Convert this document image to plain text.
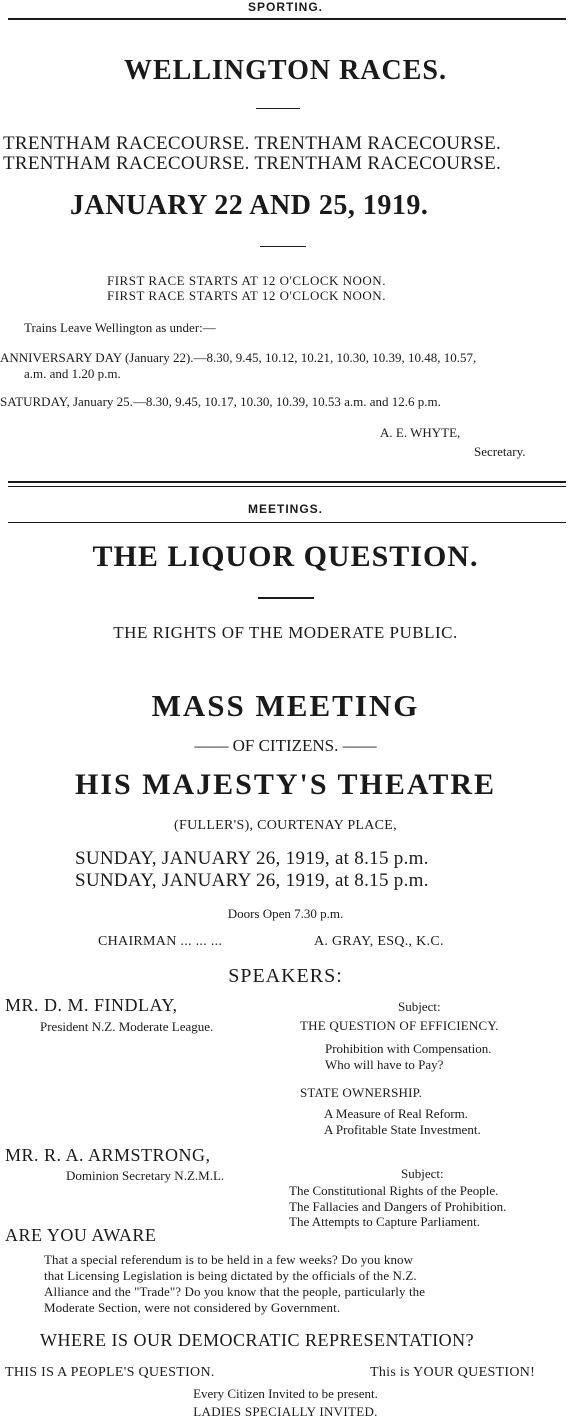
SPORTING.
WELLINGTON RACES.
TRENTHAM RACECOURSE. TRENTHAM RACECOURSE.
TRENTHAM RACECOURSE. TRENTHAM RACECOURSE.
JANUARY 22 AND 25, 1919.
FIRST RACE STARTS AT 12 O'CLOCK NOON.
FIRST RACE STARTS AT 12 O'CLOCK NOON.
Trains Leave Wellington as under:—
ANNIVERSARY DAY (January 22).—8.30, 9.45, 10.12, 10.21, 10.30, 10.39, 10.48, 10.57,
a.m. and 1.20 p.m.
SATURDAY, January 25.—8.30, 9.45, 10.17, 10.30, 10.39, 10.53 a.m. and 12.6 p.m.
A. E. WHYTE,
Secretary.
MEETINGS.
THE LIQUOR QUESTION.
THE RIGHTS OF THE MODERATE PUBLIC.
MASS MEETING
—— OF CITIZENS. ——
HIS MAJESTY'S THEATRE
(FULLER'S), COURTENAY PLACE,
SUNDAY, JANUARY 26, 1919, at 8.15 p.m.
SUNDAY, JANUARY 26, 1919, at 8.15 p.m.
Doors Open 7.30 p.m.
CHAIRMAN ... ... ...	A. GRAY, ESQ., K.C.
SPEAKERS:
MR. D. M. FINDLAY,
President N.Z. Moderate League.
Subject:
THE QUESTION OF EFFICIENCY.
Prohibition with Compensation.
Who will have to Pay?
STATE OWNERSHIP.
A Measure of Real Reform.
A Profitable State Investment.
MR. R. A. ARMSTRONG,
Dominion Secretary N.Z.M.L.	Subject:
The Constitutional Rights of the People.
The Fallacies and Dangers of Prohibition.
The Attempts to Capture Parliament.
ARE YOU AWARE
That a special referendum is to be held in a few weeks? Do you know
that Licensing Legislation is being dictated by the officials of the N.Z.
Alliance and the "Trade"? Do you know that the people, particularly the
Moderate Section, were not considered by Government.
WHERE IS OUR DEMOCRATIC REPRESENTATION?
THIS IS A PEOPLE'S QUESTION.	This is YOUR QUESTION!
Every Citizen Invited to be present.
LADIES SPECIALLY INVITED.
